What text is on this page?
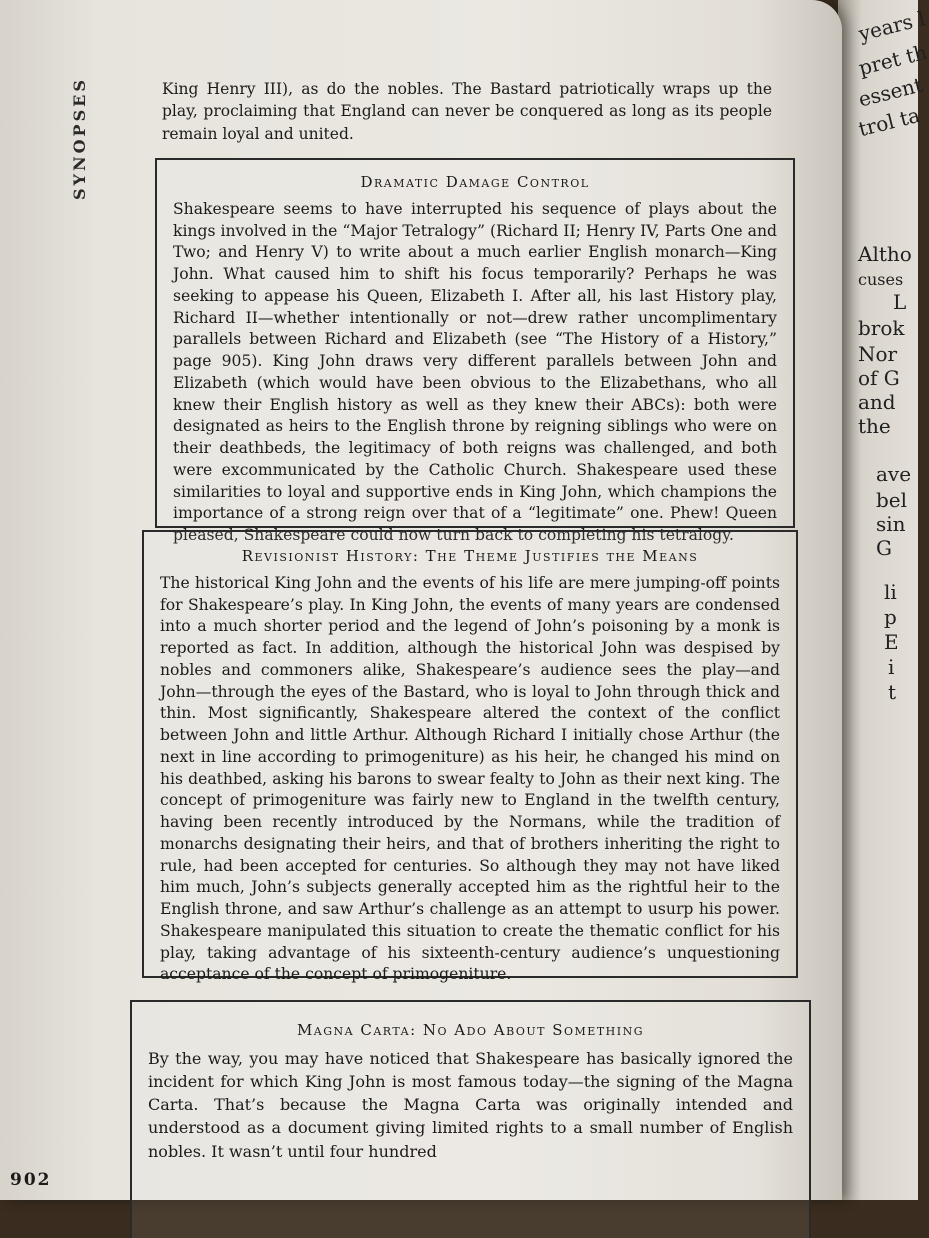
years l
pret th
essent
trol ta
Altho
cuses
L
brok
Nor
of G
and
the
ave
bel
sin
G
li
p
E
i
t
SYNOPSES	King Henry III), as do the nobles. The Bastard patriotically wraps up the play, proclaiming that England can never be conquered as long as its people remain loyal and united.
Dramatic Damage Control

Shakespeare seems to have interrupted his sequence of plays about the kings involved in the “Major Tetralogy” (Richard II; Henry IV, Parts One and Two; and Henry V) to write about a much earlier English monarch—King John. What caused him to shift his focus temporarily? Perhaps he was seeking to appease his Queen, Elizabeth I. After all, his last History play, Richard II—whether intentionally or not—drew rather uncomplimentary parallels between Richard and Elizabeth (see “The History of a History,” page 905). King John draws very different parallels between John and Elizabeth (which would have been obvious to the Elizabethans, who all knew their English history as well as they knew their ABCs): both were designated as heirs to the English throne by reigning siblings who were on their deathbeds, the legitimacy of both reigns was challenged, and both were excommunicated by the Catholic Church. Shakespeare used these similarities to loyal and supportive ends in King John, which champions the importance of a strong reign over that of a “legitimate” one. Phew! Queen pleased, Shakespeare could now turn back to completing his tetralogy.

Revisionist History: The Theme Justifies the Means

The historical King John and the events of his life are mere jumping-off points for Shakespeare’s play. In King John, the events of many years are condensed into a much shorter period and the legend of John’s poisoning by a monk is reported as fact. In addition, although the historical John was despised by nobles and commoners alike, Shakespeare’s audience sees the play—and John—through the eyes of the Bastard, who is loyal to John through thick and thin. Most significantly, Shakespeare altered the context of the conflict between John and little Arthur. Although Richard I initially chose Arthur (the next in line according to primogeniture) as his heir, he changed his mind on his deathbed, asking his barons to swear fealty to John as their next king. The concept of primogeniture was fairly new to England in the twelfth century, having been recently introduced by the Normans, while the tradition of monarchs designating their heirs, and that of brothers inheriting the right to rule, had been accepted for centuries. So although they may not have liked him much, John’s subjects generally accepted him as the rightful heir to the English throne, and saw Arthur’s challenge as an attempt to usurp his power. Shakespeare manipulated this situation to create the thematic conflict for his play, taking advantage of his sixteenth-century audience’s unquestioning acceptance of the concept of primogeniture.

Magna Carta: No Ado About Something

By the way, you may have noticed that Shakespeare has basically ignored the incident for which King John is most famous today—the signing of the Magna Carta. That’s because the Magna Carta was originally intended and understood as a document giving limited rights to a small number of English nobles. It wasn’t until four hundred

902
